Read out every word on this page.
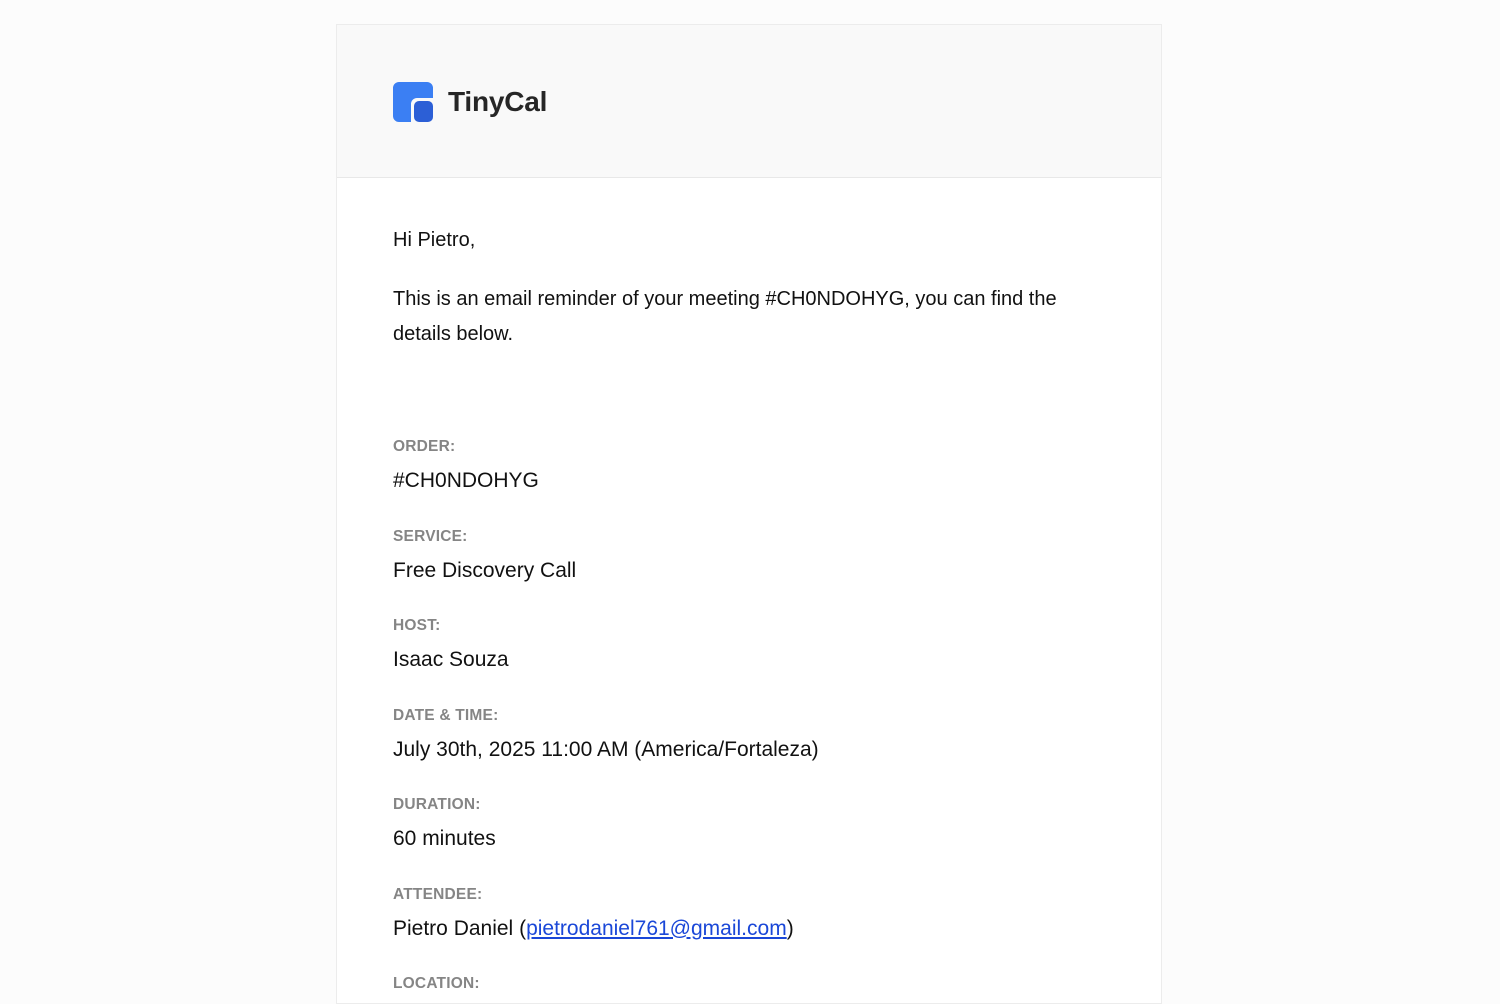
TinyCal

Hi Pietro,

This is an email reminder of your meeting #CH0NDOHYG, you can find the details below.

ORDER:
#CH0NDOHYG
SERVICE:
Free Discovery Call
HOST:
Isaac Souza
DATE & TIME:
July 30th, 2025 11:00 AM (America/Fortaleza)
DURATION:
60 minutes
ATTENDEE:
Pietro Daniel (pietrodaniel761@gmail.com)
LOCATION:
